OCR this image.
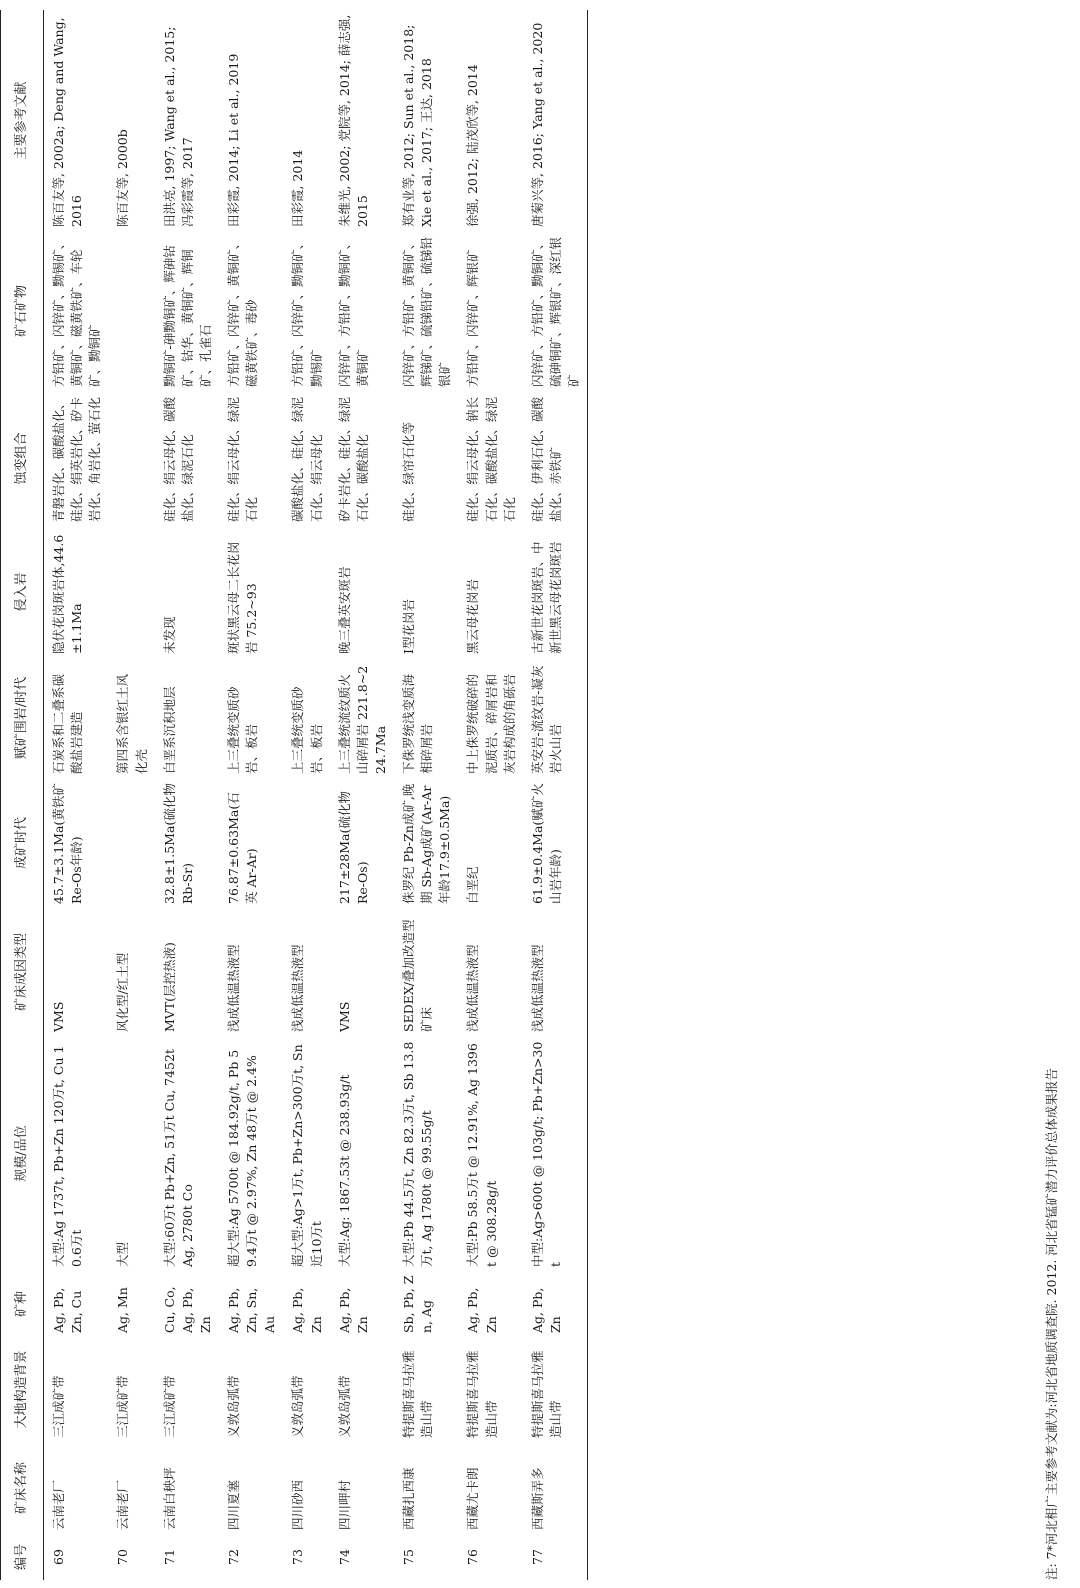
编号	矿床名称	大地构造背景	矿种	规模/品位	矿床成因类型	成矿时代	赋矿围岩/时代	侵入岩	蚀变组合	矿石矿物	主要参考文献
69	云南老厂	三江成矿带	Ag, Pb, Zn, Cu	大型:Ag 1737t, Pb+Zn 120万t, Cu 10.6万t	VMS	45.7±3.1Ma(黄铁矿 Re-Os年龄)	石炭系和二叠系碳酸盐岩建造	隐伏花岗斑岩体,44.6±1.1Ma	青磐岩化、碳酸盐化、硅化、绢英岩化、矽卡岩化、角岩化、萤石化	方铅矿、闪锌矿、黝锡矿、黄铜矿、磁黄铁矿、车轮矿、黝铜矿	陈百友等, 2002a; Deng and Wang, 2016
70	云南老厂	三江成矿带	Ag, Mn	大型	风化型/红土型		第四系含银红土风化壳				陈百友等, 2000b
71	云南白秧坪	三江成矿带	Cu, Co, Ag, Pb, Zn	大型:60万t Pb+Zn, 51万t Cu, 7452t Ag, 2780t Co	MVT(层控热液)	32.8±1.5Ma(硫化物 Rb-Sr)	白垩系沉积地层	未发现	硅化、绢云母化、碳酸盐化、绿泥石化	黝铜矿-砷黝铜矿、辉砷钴矿、钴华、黄铜矿、辉铜矿、孔雀石	田洪亮, 1997; Wang et al., 2015; 冯彩霞等, 2017
72	四川夏塞	义敦岛弧带	Ag, Pb, Zn, Sn, Au	超大型:Ag 5700t @ 184.92g/t, Pb 59.4万t @ 2.97%, Zn 48万t @ 2.4%	浅成低温热液型	76.87±0.63Ma(石英 Ar-Ar)	上三叠统变质砂岩、板岩	斑状黑云母二长花岗岩 75.2~93	硅化、绢云母化、绿泥石化	方铅矿、闪锌矿、黄铜矿、磁黄铁矿、毒砂	田彩霞, 2014; Li et al., 2019
73	四川砂西	义敦岛弧带	Ag, Pb, Zn	超大型:Ag>1万t, Pb+Zn>300万t, Sn近10万t	浅成低温热液型		上三叠统变质砂岩、板岩		碳酸盐化、硅化、绿泥石化、绢云母化	方铅矿、闪锌矿、黝铜矿、黝锡矿	田彩霞, 2014
74	四川呷村	义敦岛弧带	Ag, Pb, Zn	大型:Ag: 1867.53t @ 238.93g/t	VMS	217±28Ma(硫化物 Re-Os)	上三叠统流纹质火山碎屑岩 221.8~224.7Ma	晚三叠英安斑岩	矽卡岩化、硅化、绿泥石化、碳酸盐化	闪锌矿、方铅矿、黝铜矿、黄铜矿	朱维光, 2002; 党院等, 2014; 薛志强, 2015
75	西藏扎西康	特提斯喜马拉雅造山带	Sb, Pb, Zn, Ag	大型:Pb 44.5万t, Zn 82.3万t, Sb 13.8万t, Ag 1780t @ 99.55g/t	SEDEX/叠加改造型矿床	侏罗纪 Pb-Zn成矿,晚期 Sb-Ag成矿(Ar-Ar年龄17.9±0.5Ma)	下侏罗统浅变质海相碎屑岩	I型花岗岩	硅化、绿帘石化等	闪锌矿、方铅矿、黄铜矿、辉锑矿、硫锑铅矿、硫锑铅银矿	郑有业等, 2012; Sun et al., 2018; Xie et al., 2017; 王达, 2018
76	西藏尤卡朗	特提斯喜马拉雅造山带	Ag, Pb, Zn	大型:Pb 58.5万t @ 12.91%, Ag 1396t @ 308.28g/t	浅成低温热液型	白垩纪	中上侏罗统破碎的泥质岩、碎屑岩和灰岩构成的角砾岩	黑云母花岗岩	硅化、绢云母化、钠长石化、碳酸盐化、绿泥石化	方铅矿、闪锌矿、辉银矿	徐强, 2012; 陆茂欣等, 2014
77	西藏斯弄多	特提斯喜马拉雅造山带	Ag, Pb, Zn	中型:Ag>600t @ 103g/t; Pb+Zn>30t	浅成低温热液型	61.9±0.4Ma(赋矿火山岩年龄)	英安岩-流纹岩-凝灰岩火山岩	古新世花岗斑岩、中新世黑云母花岗斑岩	硅化、伊利石化、碳酸盐化、赤铁矿	闪锌矿、方铅矿、黝铜矿、硫砷铜矿、辉银矿、深红银矿	唐菊兴等, 2016; Yang et al., 2020
注: 7*河北相广主要参考文献为:河北省地质调查院. 2012. 河北省锰矿潜力评价总体成果报告
